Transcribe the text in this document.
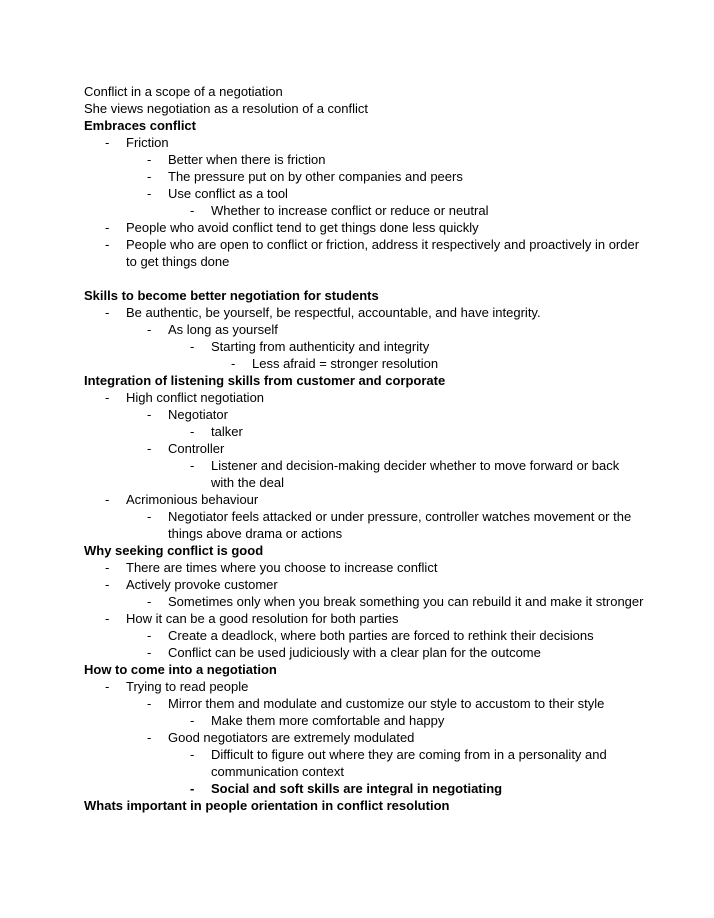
Conflict in a scope of a negotiation
She views negotiation as a resolution of a conflict
Embraces conflict
- Friction
- Better when there is friction
- The pressure put on by other companies and peers
- Use conflict as a tool
- Whether to increase conflict or reduce or neutral
- People who avoid conflict tend to get things done less quickly
- People who are open to conflict or friction, address it respectively and proactively in order to get things done
Skills to become better negotiation for students
- Be authentic, be yourself, be respectful, accountable, and have integrity.
- As long as yourself
- Starting from authenticity and integrity
- Less afraid = stronger resolution
Integration of listening skills from customer and corporate
- High conflict negotiation
- Negotiator
- talker
- Controller
- Listener and decision-making decider whether to move forward or back with the deal
- Acrimonious behaviour
- Negotiator feels attacked or under pressure, controller watches movement or the things above drama or actions
Why seeking conflict is good
- There are times where you choose to increase conflict
- Actively provoke customer
- Sometimes only when you break something you can rebuild it and make it stronger
- How it can be a good resolution for both parties
- Create a deadlock, where both parties are forced to rethink their decisions
- Conflict can be used judiciously with a clear plan for the outcome
How to come into a negotiation
- Trying to read people
- Mirror them and modulate and customize our style to accustom to their style
- Make them more comfortable and happy
- Good negotiators are extremely modulated
- Difficult to figure out where they are coming from in a personality and communication context
- Social and soft skills are integral in negotiating
Whats important in people orientation in conflict resolution
